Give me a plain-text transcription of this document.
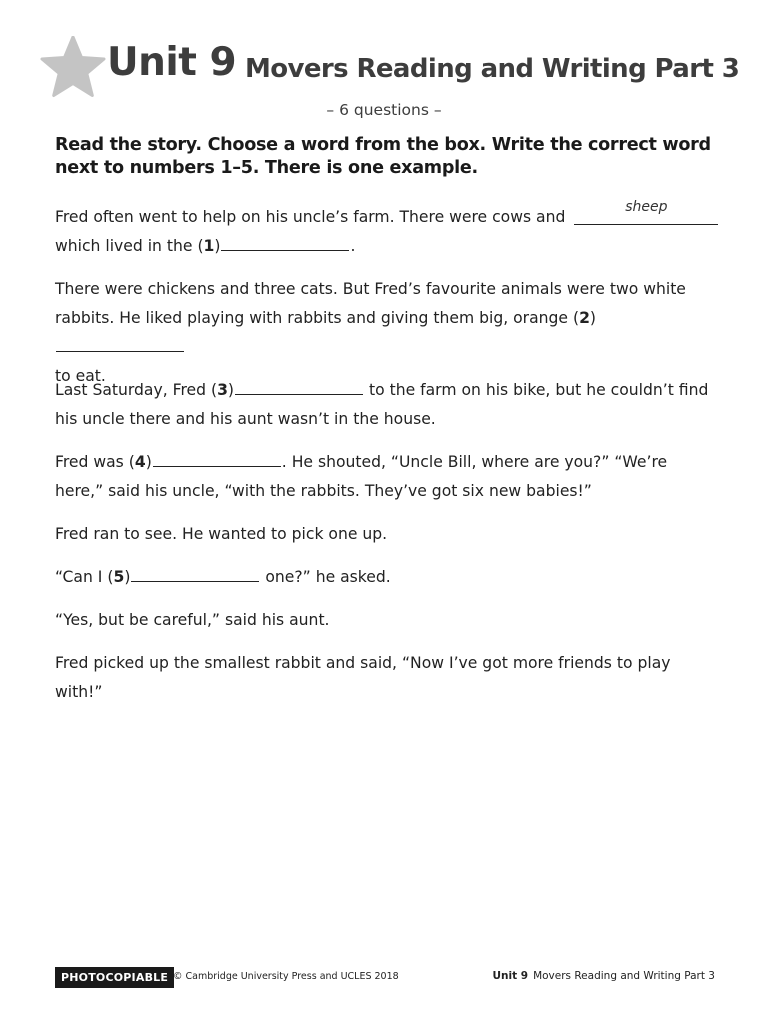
Unit 9 Movers Reading and Writing Part 3
– 6 questions –
Read the story. Choose a word from the box. Write the correct word next to numbers 1–5. There is one example.
Fred often went to help on his uncle’s farm. There were cows and
sheep

which lived in the (1)	.
There were chickens and three cats. But Fred’s favourite animals were two white rabbits. He liked playing with rabbits and giving them big, orange (2)
to eat.
Last Saturday, Fred (3)	to the farm on his bike, but he couldn’t find his uncle there and his aunt wasn’t in the house.
Fred was (4)	. He shouted, “Uncle Bill, where are you?” “We’re here,” said his uncle, “with the rabbits. They’ve got six new babies!”
Fred ran to see. He wanted to pick one up.
“Can I (5)	one?” he asked.
“Yes, but be careful,” said his aunt.
Fred picked up the smallest rabbit and said, “Now I’ve got more friends to play with!”
PHOTOCOPIABLE © Cambridge University Press and UCLES 2018	Unit 9 Movers Reading and Writing Part 3
